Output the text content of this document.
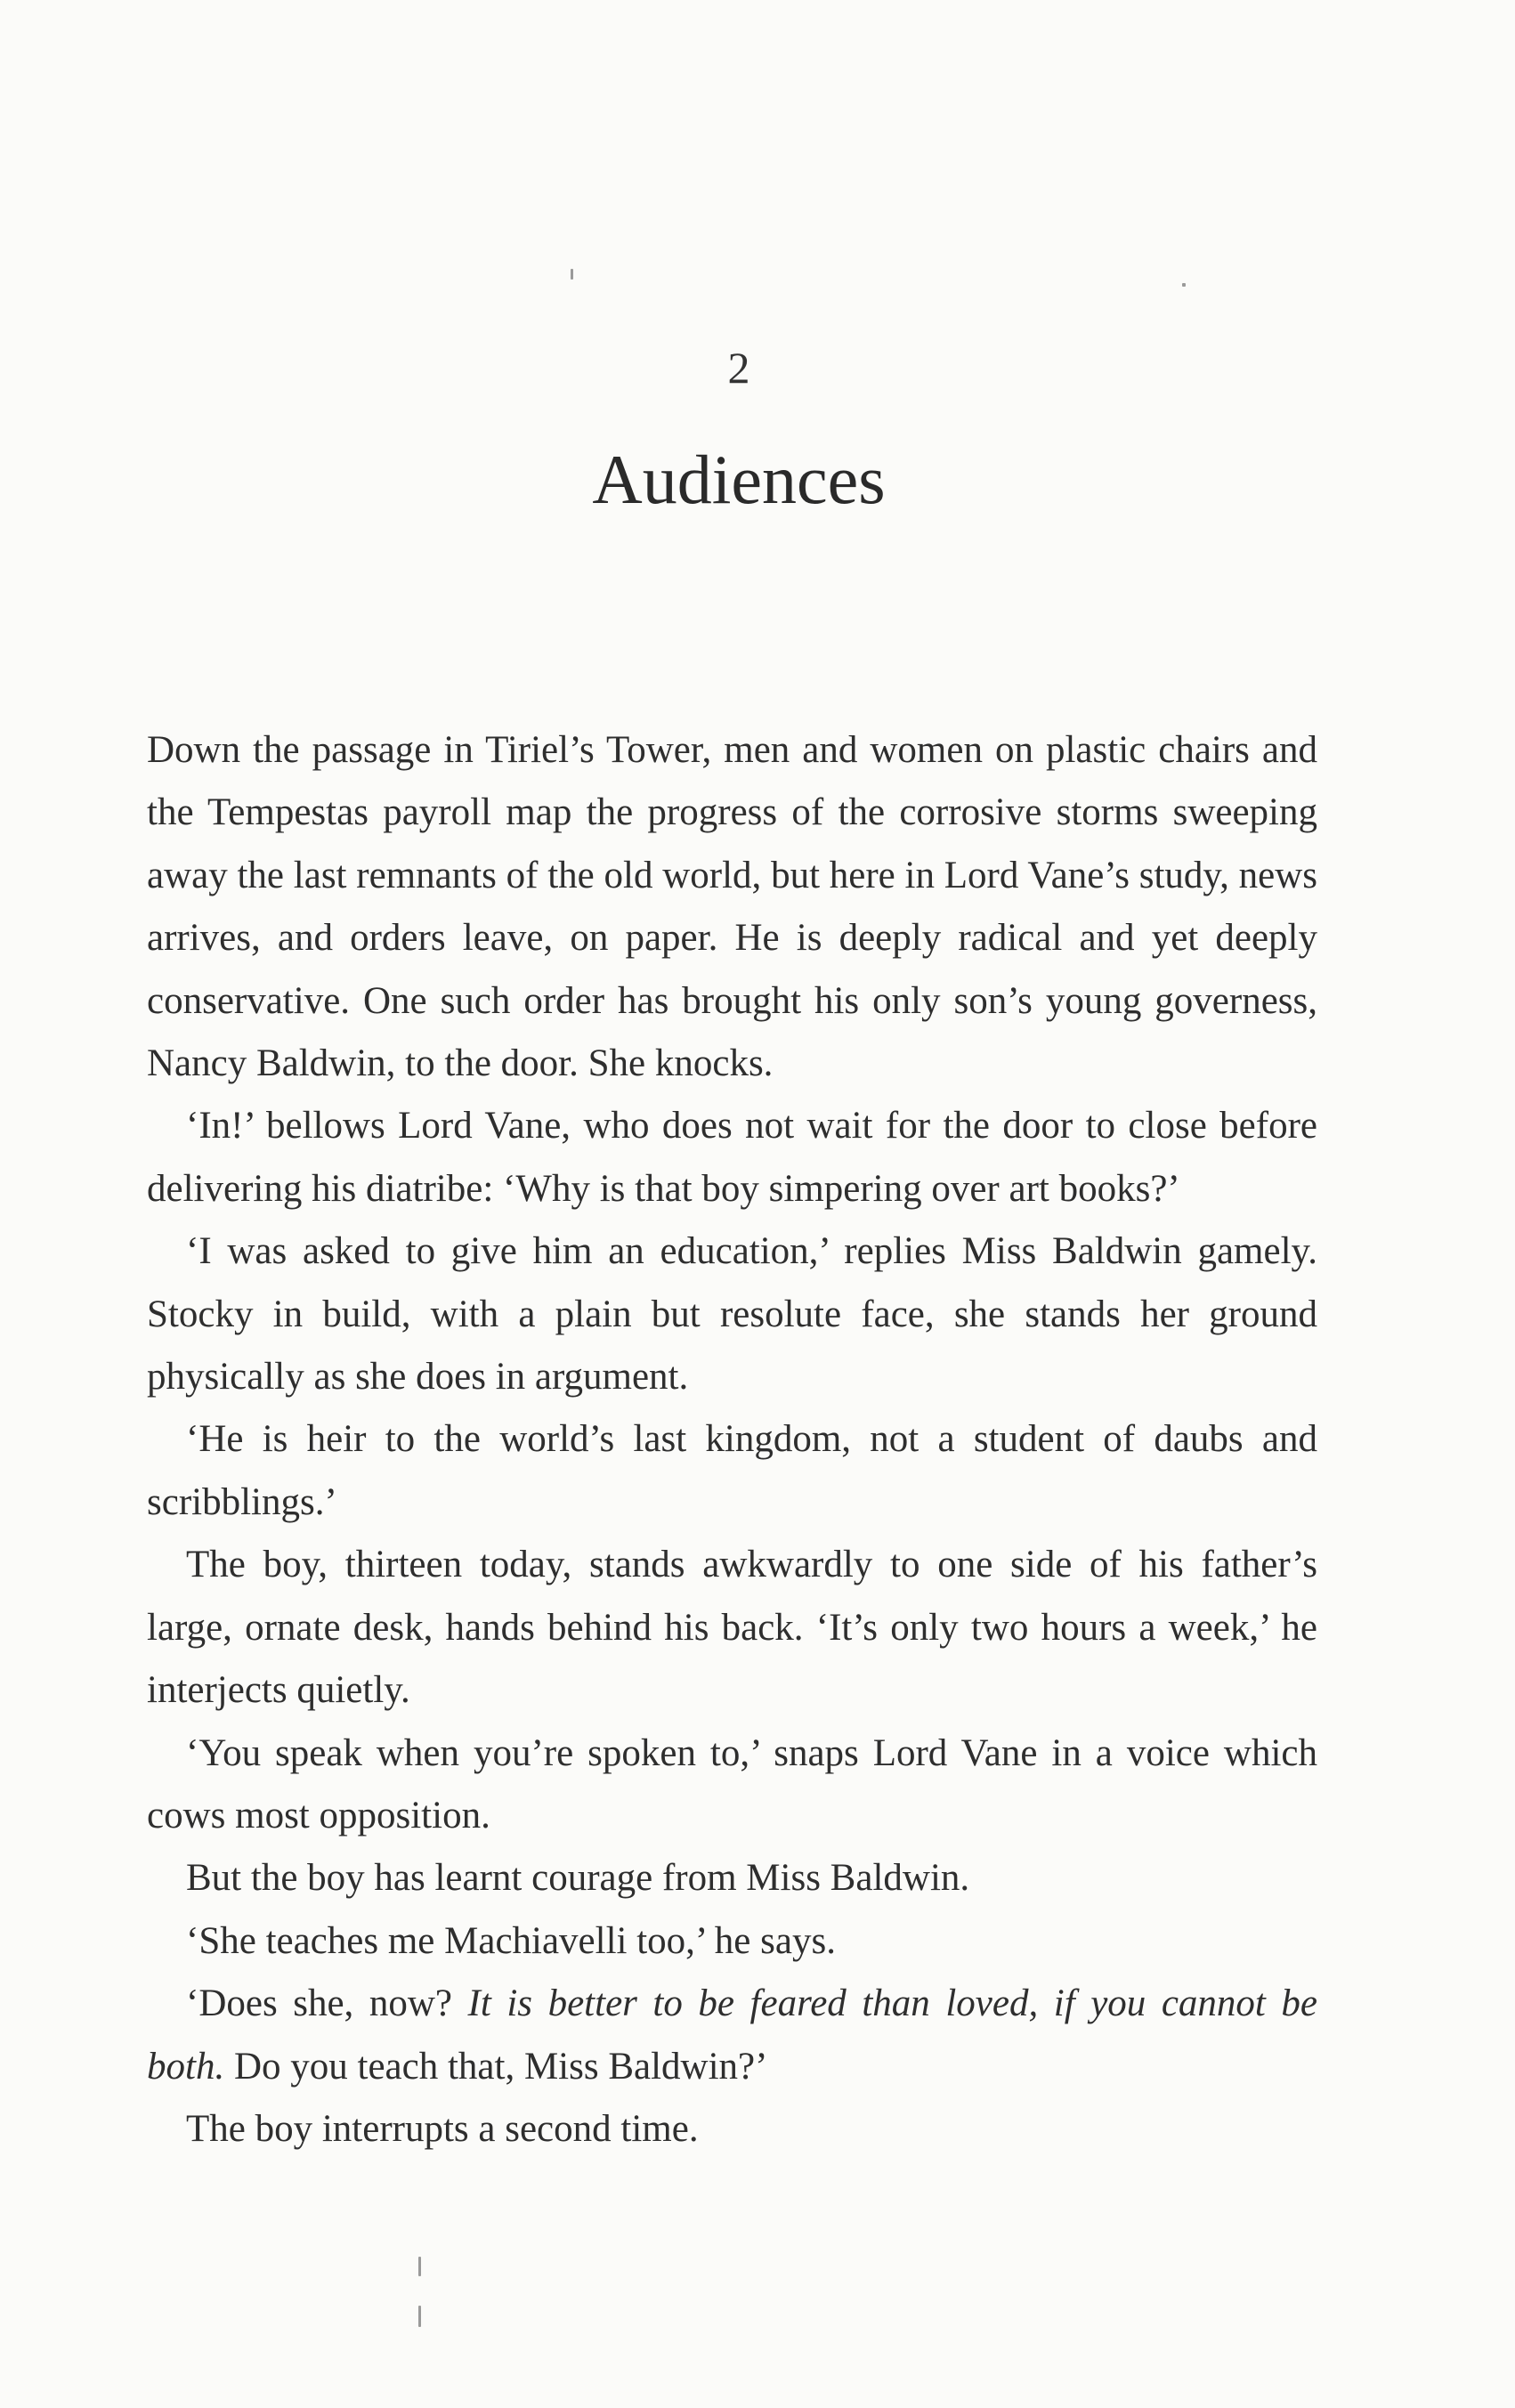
2
Audiences

Down the passage in Tiriel’s Tower, men and women on plastic chairs and the Tempestas payroll map the progress of the corrosive storms sweeping away the last remnants of the old world, but here in Lord Vane’s study, news arrives, and orders leave, on paper. He is deeply radical and yet deeply conservative. One such order has brought his only son’s young governess, Nancy Baldwin, to the door. She knocks.

‘In!’ bellows Lord Vane, who does not wait for the door to close before delivering his diatribe: ‘Why is that boy simpering over art books?’

‘I was asked to give him an education,’ replies Miss Baldwin gamely. Stocky in build, with a plain but resolute face, she stands her ground physically as she does in argument.

‘He is heir to the world’s last kingdom, not a student of daubs and scribblings.’

The boy, thirteen today, stands awkwardly to one side of his father’s large, ornate desk, hands behind his back. ‘It’s only two hours a week,’ he interjects quietly.

‘You speak when you’re spoken to,’ snaps Lord Vane in a voice which cows most opposition.

But the boy has learnt courage from Miss Baldwin.

‘She teaches me Machiavelli too,’ he says.

‘Does she, now? It is better to be feared than loved, if you cannot be both. Do you teach that, Miss Baldwin?’

The boy interrupts a second time.
